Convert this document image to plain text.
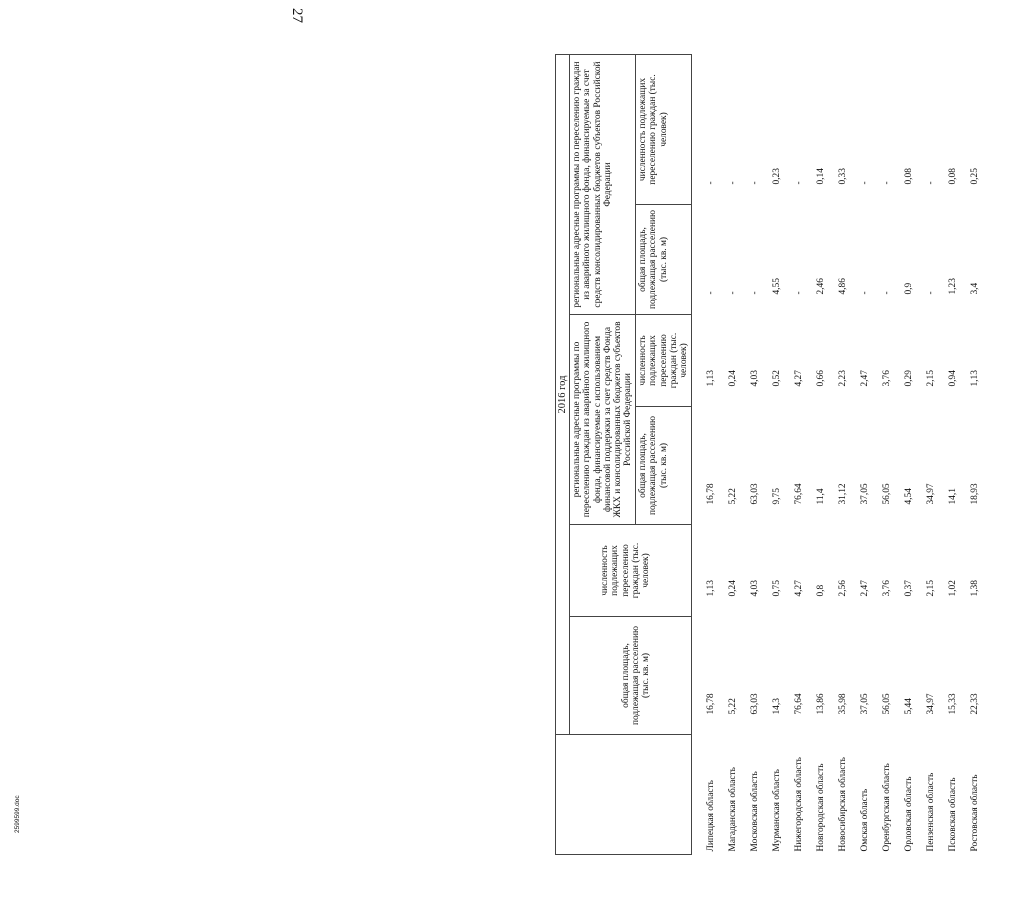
27
	2016 год					
	общая площадь, подлежащая расселению (тыс. кв. м)	численность подлежащих переселению граждан (тыс. человек)	региональные адресные программы по переселению граждан из аварийного жилищного фонда, финансируемые с использованием финансовой поддержки за счет средств Фонда ЖКХ и консолидированных бюджетов субъектов Российской Федерации		региональные адресные программы по переселению граждан из аварийного жилищного фонда, финансируемые за счет средств консолидированных бюджетов субъектов Российской Федерации	
			общая площадь, подлежащая расселению (тыс. кв. м)	численность подлежащих переселению граждан (тыс. человек)	общая площадь, подлежащая расселению (тыс. кв. м)	численность подлежащих переселению граждан (тыс. человек)
Липецкая область	16,78	1,13	16,78	1,13	-	-
Магаданская область	5,22	0,24	5,22	0,24	-	-
Московская область	63,03	4,03	63,03	4,03	-	-
Мурманская область	14,3	0,75	9,75	0,52	4,55	0,23
Нижегородская область	76,64	4,27	76,64	4,27	-	-
Новгородская область	13,86	0,8	11,4	0,66	2,46	0,14
Новосибирская область	35,98	2,56	31,12	2,23	4,86	0,33
Омская область	37,05	2,47	37,05	2,47	-	-
Оренбургская область	56,05	3,76	56,05	3,76	-	-
Орловская область	5,44	0,37	4,54	0,29	0,9	0,08
Пензенская область	34,97	2,15	34,97	2,15	-	-
Псковская область	15,33	1,02	14,1	0,94	1,23	0,08
Ростовская область	22,33	1,38	18,93	1,13	3,4	0,25
2599599.doc
